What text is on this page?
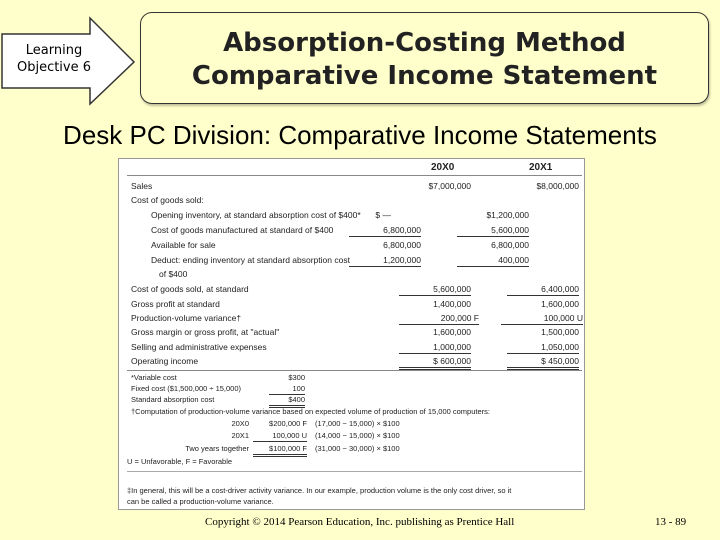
Learning
Objective 6
Absorption-Costing Method
Comparative Income Statement
Desk PC Division: Comparative Income Statements
20X0	20X1
Sales	$7,000,000	$8,000,000
Cost of goods sold:
Opening inventory, at standard absorption cost of $400*	$ —	$1,200,000
Cost of goods manufactured at standard of $400	6,800,000	5,600,000
Available for sale	6,800,000	6,800,000
Deduct: ending inventory at standard absorption cost	1,200,000	400,000
of $400
Cost of goods sold, at standard	5,600,000	6,400,000
Gross profit at standard	1,400,000	1,600,000
Production-volume variance†	200,000 F	100,000 U
Gross margin or gross profit, at "actual"	1,600,000	1,500,000
Selling and administrative expenses	1,000,000	1,050,000
Operating income	$ 600,000	$ 450,000
*Variable cost	$300
Fixed cost ($1,500,000 ÷ 15,000)	100
Standard absorption cost	$400
†Computation of production-volume variance based on expected volume of production of 15,000 computers:
20X0	$200,000 F (17,000 − 15,000) × $100
20X1	100,000 U (14,000 − 15,000) × $100
Two years together	$100,000 F (31,000 − 30,000) × $100
U = Unfavorable, F = Favorable
‡In general, this will be a cost-driver activity variance. In our example, production volume is the only cost driver, so it
can be called a production-volume variance.
Copyright © 2014 Pearson Education, Inc. publishing as Prentice Hall	13 - 89
